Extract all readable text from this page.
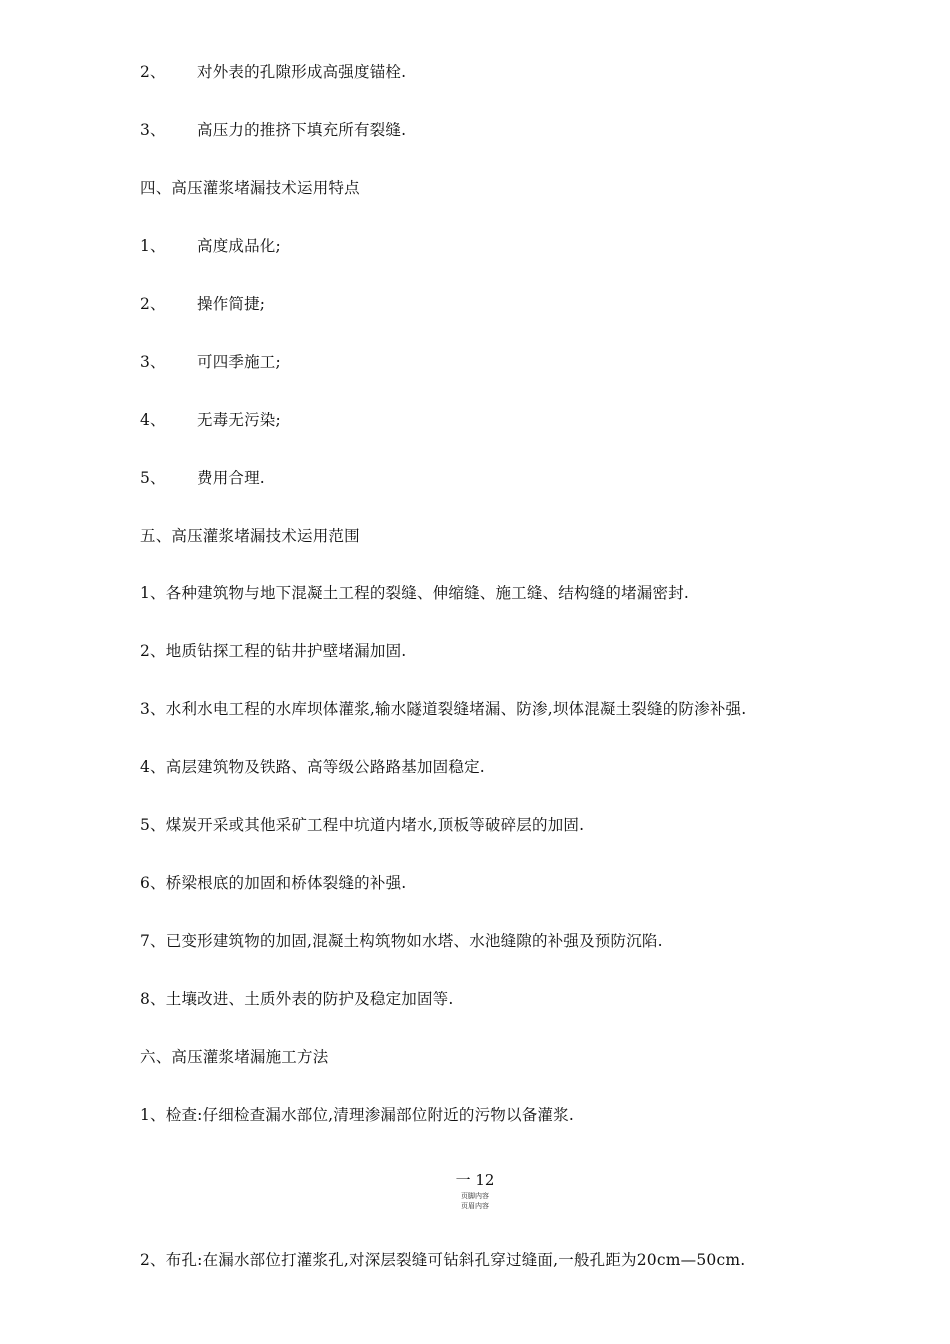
2、 对外表的孔隙形成高强度锚栓.
3、 高压力的推挤下填充所有裂缝.
四、高压灌浆堵漏技术运用特点
1、 高度成品化;
2、 操作简捷;
3、 可四季施工;
4、 无毒无污染;
5、 费用合理.
五、高压灌浆堵漏技术运用范围
1、各种建筑物与地下混凝土工程的裂缝、伸缩缝、施工缝、结构缝的堵漏密封.
2、地质钻探工程的钻井护壁堵漏加固.
3、水利水电工程的水库坝体灌浆,输水隧道裂缝堵漏、防渗,坝体混凝土裂缝的防渗补强.
4、高层建筑物及铁路、高等级公路路基加固稳定.
5、煤炭开采或其他采矿工程中坑道内堵水,顶板等破碎层的加固.
6、桥梁根底的加固和桥体裂缝的补强.
7、已变形建筑物的加固,混凝土构筑物如水塔、水池缝隙的补强及预防沉陷.
8、土壤改进、土质外表的防护及稳定加固等.
六、高压灌浆堵漏施工方法
1、检查:仔细检查漏水部位,清理渗漏部位附近的污物以备灌浆.
一 12
页脚内容
页眉内容
2、布孔:在漏水部位打灌浆孔,对深层裂缝可钻斜孔穿过缝面,一般孔距为20cm—50cm.
